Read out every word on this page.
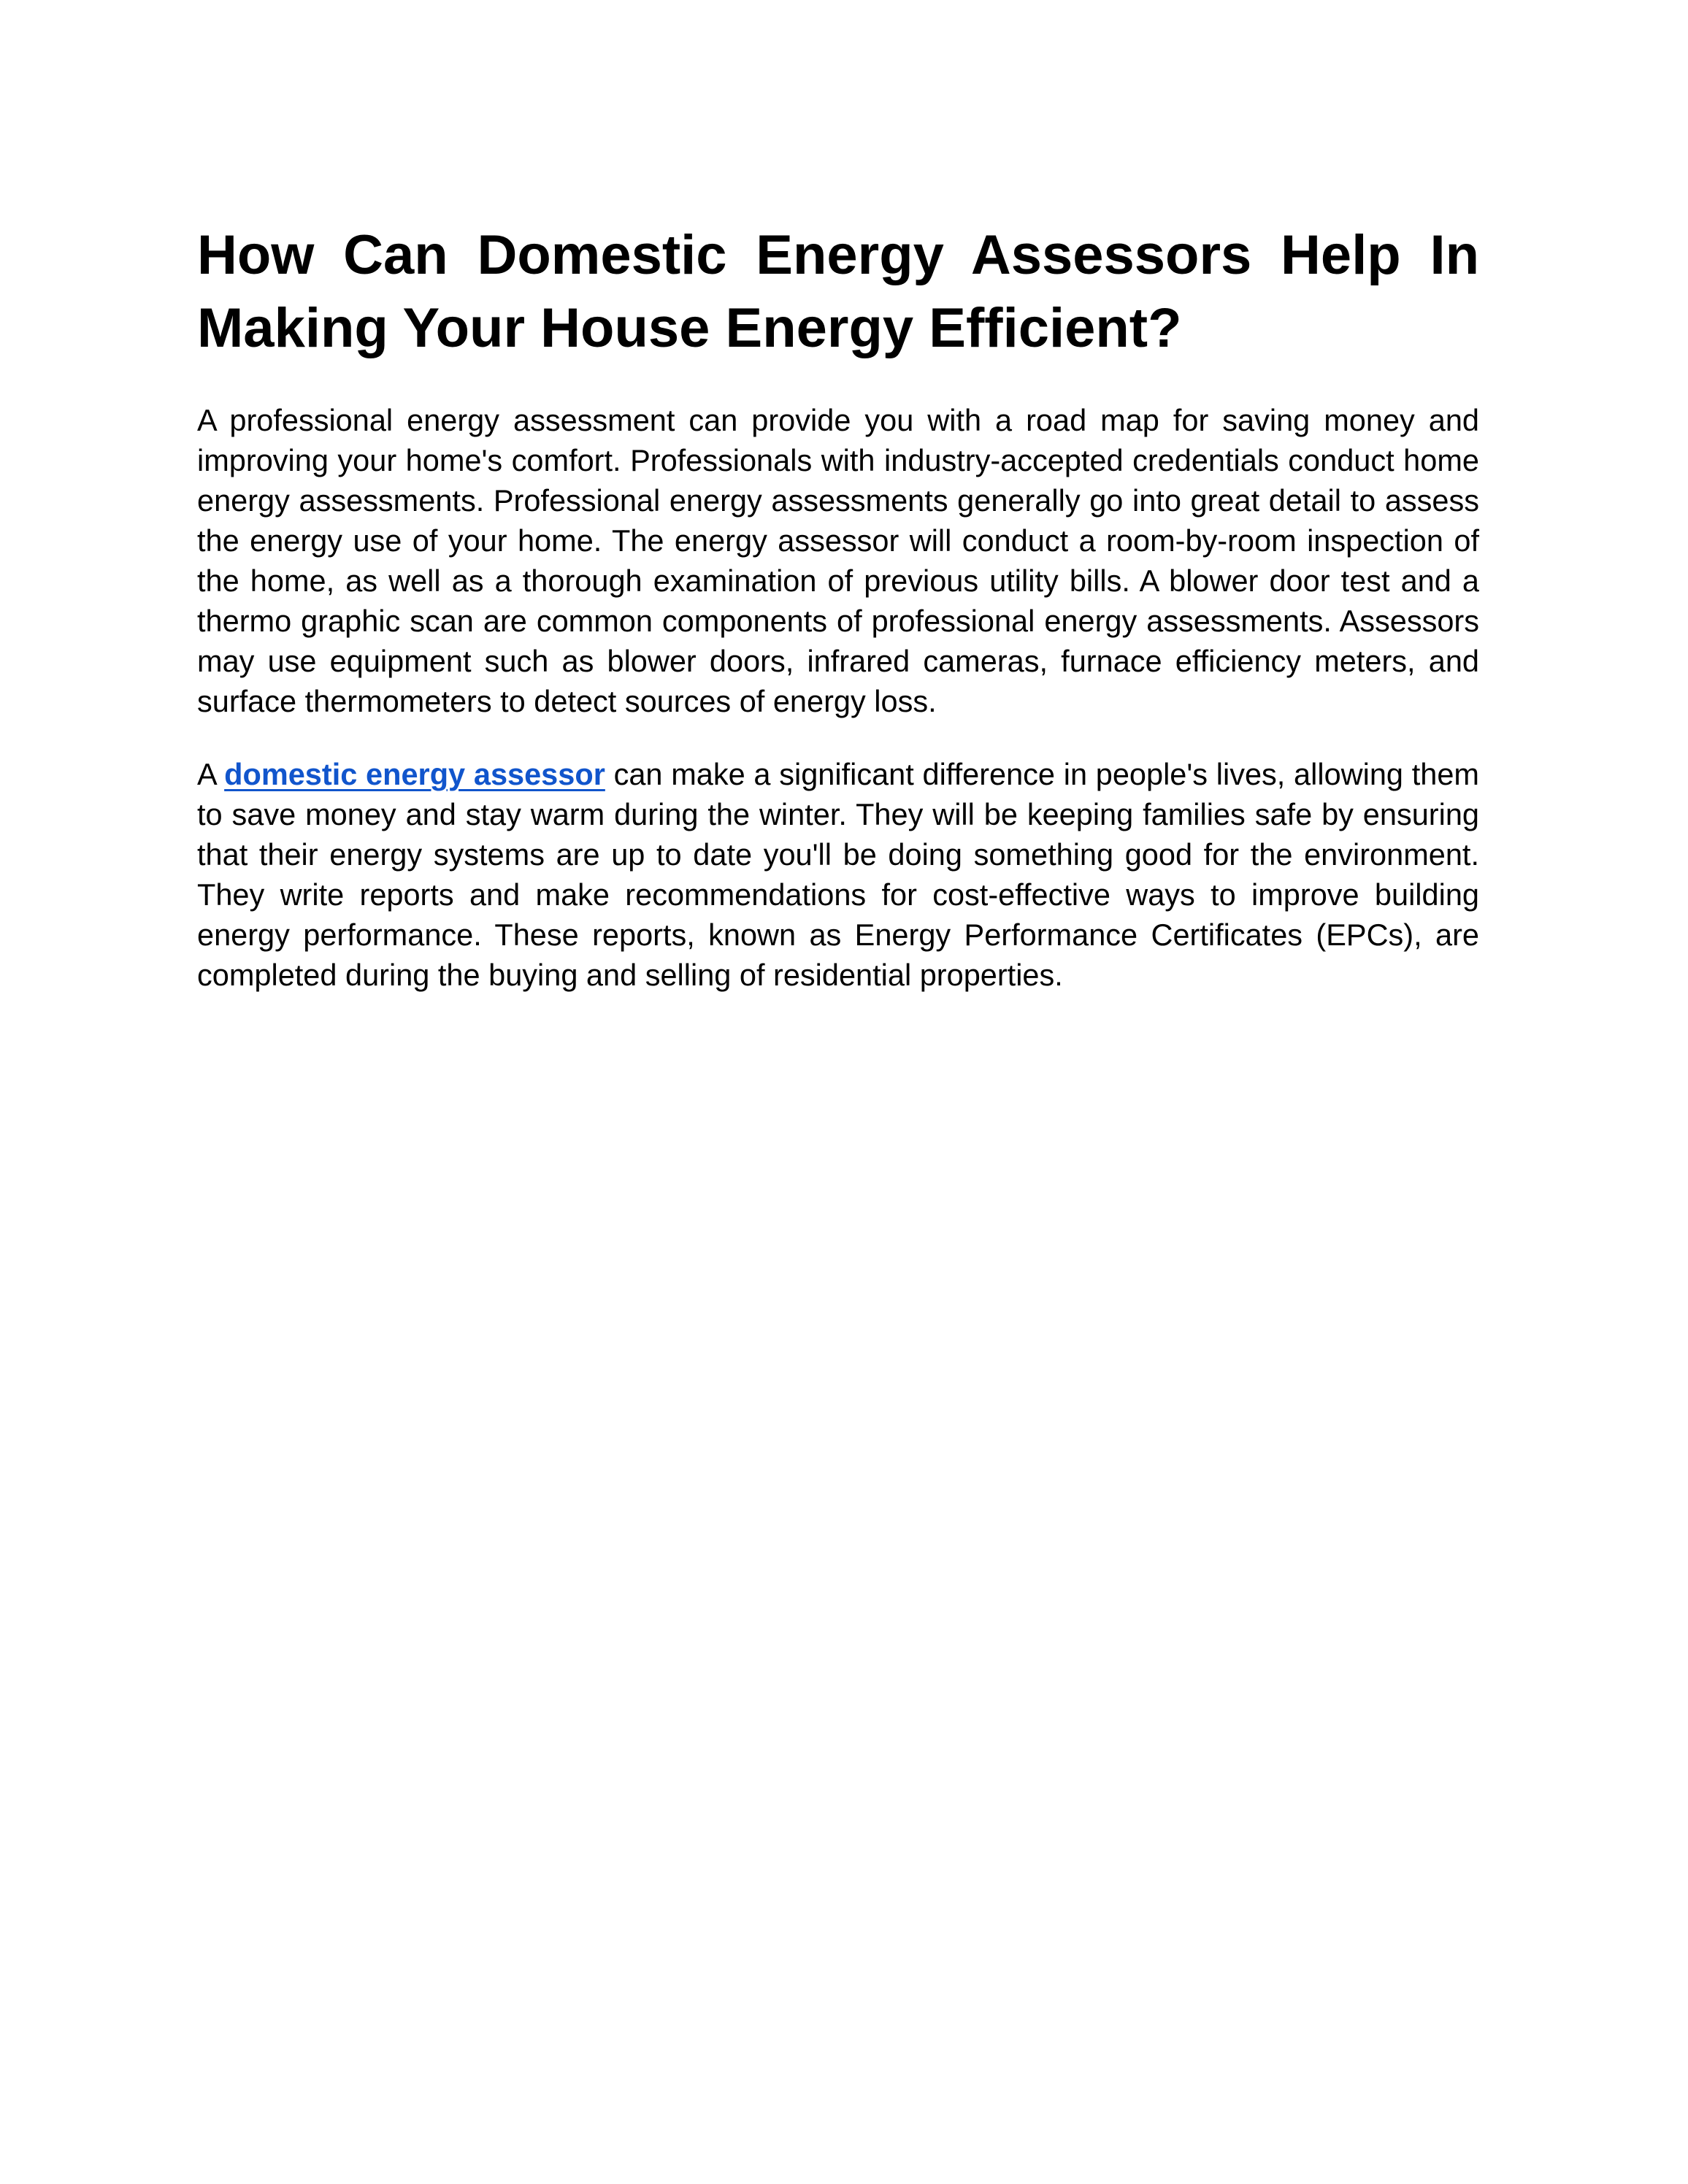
How Can Domestic Energy Assessors Help In Making Your House Energy Efficient?

A professional energy assessment can provide you with a road map for saving money and improving your home's comfort. Professionals with industry-accepted credentials conduct home energy assessments. Professional energy assessments generally go into great detail to assess the energy use of your home. The energy assessor will conduct a room-by-room inspection of the home, as well as a thorough examination of previous utility bills. A blower door test and a thermo graphic scan are common components of professional energy assessments. Assessors may use equipment such as blower doors, infrared cameras, furnace efficiency meters, and surface thermometers to detect sources of energy loss.

A domestic energy assessor can make a significant difference in people's lives, allowing them to save money and stay warm during the winter. They will be keeping families safe by ensuring that their energy systems are up to date you'll be doing something good for the environment. They write reports and make recommendations for cost-effective ways to improve building energy performance. These reports, known as Energy Performance Certificates (EPCs), are completed during the buying and selling of residential properties.
